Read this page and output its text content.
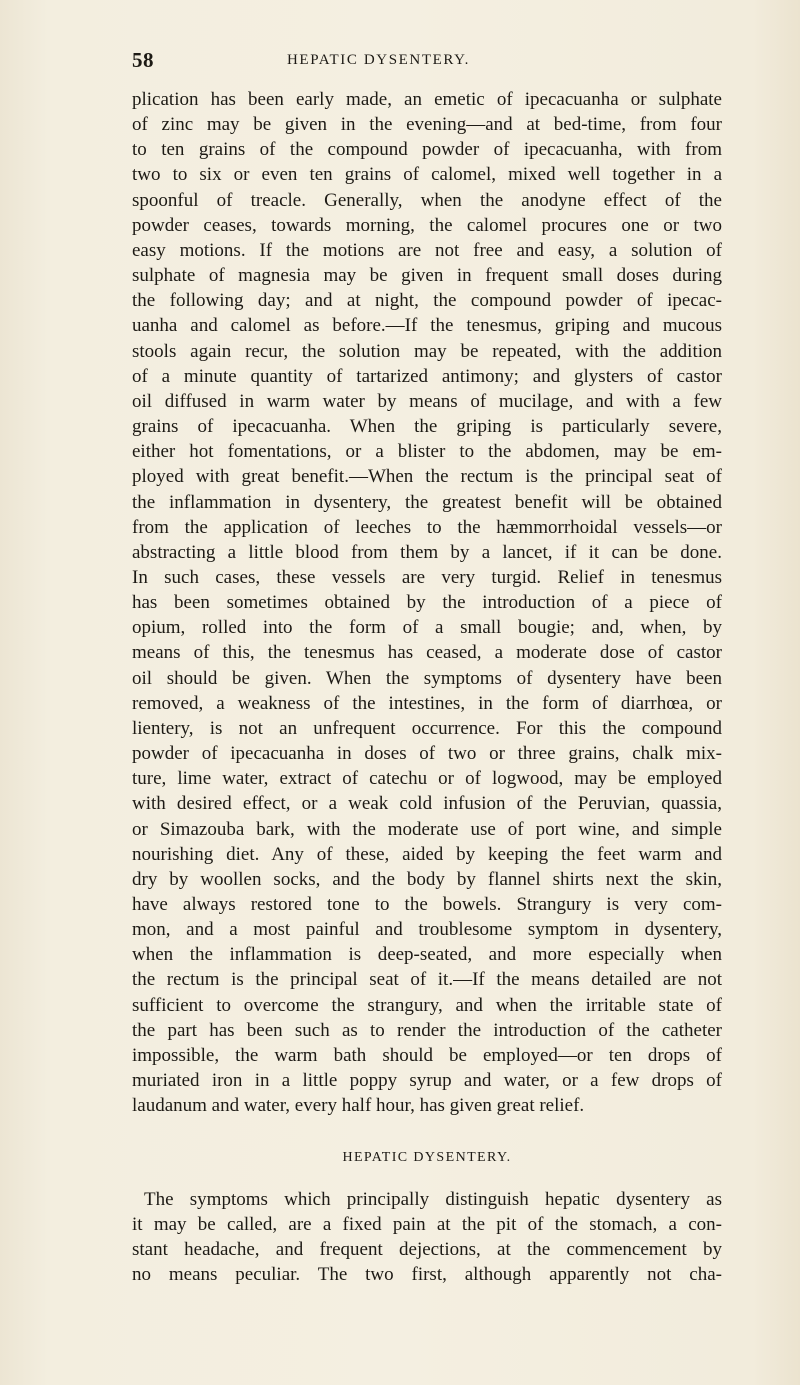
58	HEPATIC DYSENTERY.

plication has been early made, an emetic of ipecacuanha or sulphate

of zinc may be given in the evening—and at bed-time, from four

to ten grains of the compound powder of ipecacuanha, with from

two to six or even ten grains of calomel, mixed well together in a

spoonful of treacle. Generally, when the anodyne effect of the

powder ceases, towards morning, the calomel procures one or two

easy motions. If the motions are not free and easy, a solution of

sulphate of magnesia may be given in frequent small doses during

the following day; and at night, the compound powder of ipecac-

uanha and calomel as before.—If the tenesmus, griping and mucous

stools again recur, the solution may be repeated, with the addition

of a minute quantity of tartarized antimony; and glysters of castor

oil diffused in warm water by means of mucilage, and with a few

grains of ipecacuanha. When the griping is particularly severe,

either hot fomentations, or a blister to the abdomen, may be em-

ployed with great benefit.—When the rectum is the principal seat of

the inflammation in dysentery, the greatest benefit will be obtained

from the application of leeches to the hæmmorrhoidal vessels—or

abstracting a little blood from them by a lancet, if it can be done.

In such cases, these vessels are very turgid. Relief in tenesmus

has been sometimes obtained by the introduction of a piece of

opium, rolled into the form of a small bougie; and, when, by

means of this, the tenesmus has ceased, a moderate dose of castor

oil should be given. When the symptoms of dysentery have been

removed, a weakness of the intestines, in the form of diarrhœa, or

lientery, is not an unfrequent occurrence. For this the compound

powder of ipecacuanha in doses of two or three grains, chalk mix-

ture, lime water, extract of catechu or of logwood, may be employed

with desired effect, or a weak cold infusion of the Peruvian, quassia,

or Simazouba bark, with the moderate use of port wine, and simple

nourishing diet. Any of these, aided by keeping the feet warm and

dry by woollen socks, and the body by flannel shirts next the skin,

have always restored tone to the bowels. Strangury is very com-

mon, and a most painful and troublesome symptom in dysentery,

when the inflammation is deep-seated, and more especially when

the rectum is the principal seat of it.—If the means detailed are not

sufficient to overcome the strangury, and when the irritable state of

the part has been such as to render the introduction of the catheter

impossible, the warm bath should be employed—or ten drops of

muriated iron in a little poppy syrup and water, or a few drops of

laudanum and water, every half hour, has given great relief.

HEPATIC DYSENTERY.

The symptoms which principally distinguish hepatic dysentery as

it may be called, are a fixed pain at the pit of the stomach, a con-

stant headache, and frequent dejections, at the commencement by

no means peculiar. The two first, although apparently not cha-
